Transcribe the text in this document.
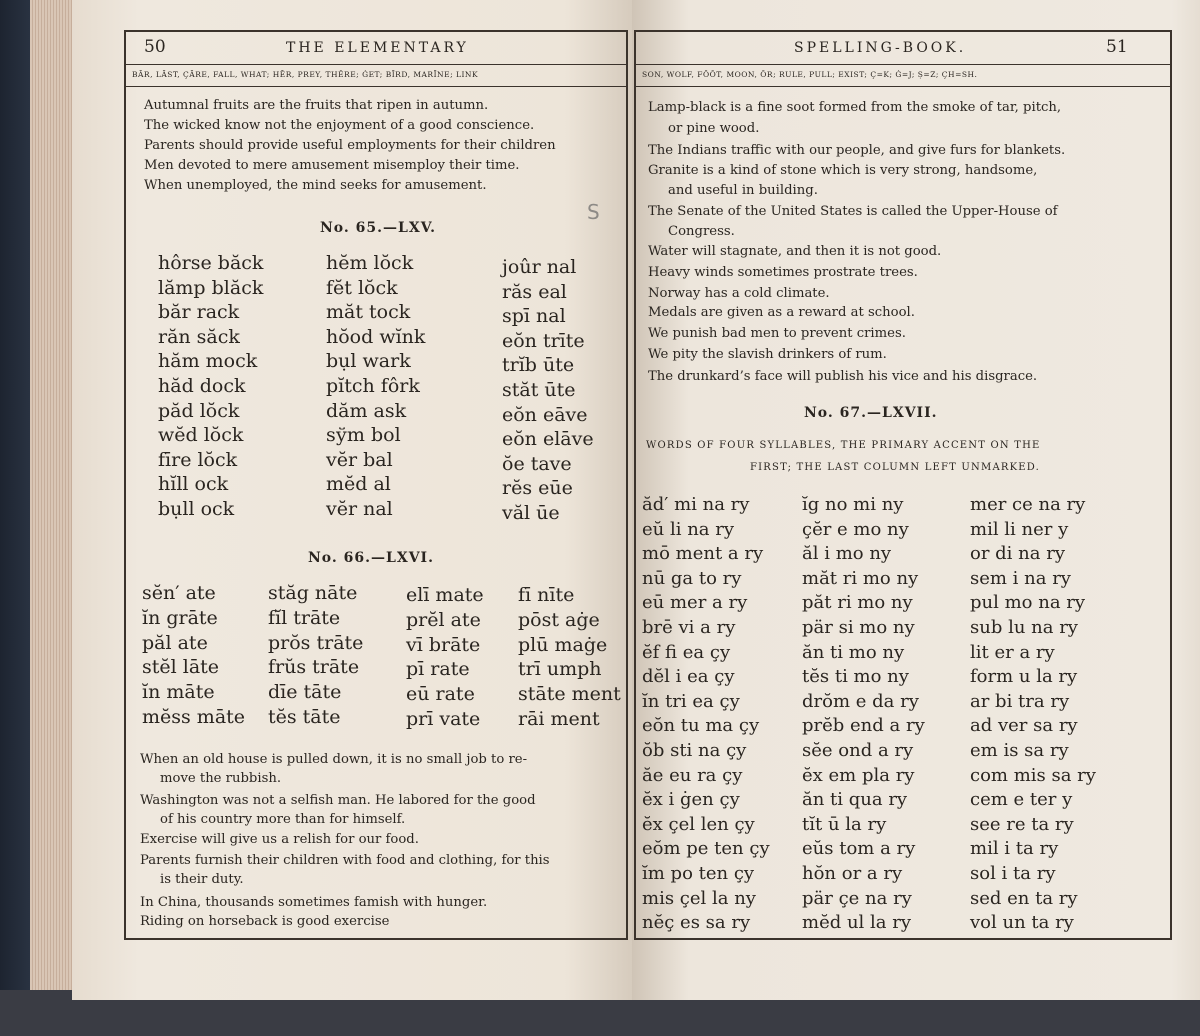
50	THE ELEMENTARY
BĀR, LĀST, ÇĀRE, FALL, WHAT; HĒR, PREY, THÊRE; ĠET; BĪRD, MARĪNE; LINK
Autumnal fruits are the fruits that ripen in autumn.
The wicked know not the enjoyment of a good conscience.
Parents should provide useful employments for their children
Men devoted to mere amusement misemploy their time.
When unemployed, the mind seeks for amusement.
S
No. 65.—LXV.
hôrse băck
lămp blăck
băr rack
răn săck
hăm mock
hăd dock
păd lŏck
wĕd lŏck
fīre lŏck
hĭll ock
bụll ock
hĕm lŏck
fĕt lŏck
măt tock
hŏod wĭnk
bụl wark
pĭtch fôrk
dăm ask
sўm bol
vĕr bal
mĕd al
vĕr nal
joûr nal
răs eal
spī nal
eŏn trīte
trĭb ūte
stăt ūte
eŏn eāve
eŏn elāve
ŏe tave
rĕs eūe
văl ūe
No. 66.—LXVI.
sĕn′ ate
ĭn grāte
păl ate
stĕl lāte
ĭn māte
mĕss māte
stăg nāte
fĭl trāte
prŏs trāte
frŭs trāte
dīe tāte
tĕs tāte
elī mate
prĕl ate
vī brāte
pī rate
eū rate
prī vate
fī nīte
pōst aġe
plū maġe
trī umph
stāte ment
rāi ment
When an old house is pulled down, it is no small job to re-
move the rubbish.
Washington was not a selfish man. He labored for the good
of his country more than for himself.
Exercise will give us a relish for our food.
Parents furnish their children with food and clothing, for this
is their duty.
In China, thousands sometimes famish with hunger.
Riding on horseback is good exercise
SPELLING-BOOK.	51
SON, WOLF, FŎŎT, MOON, ŎR; RULE, PULL; EXIST; Ç=K; Ġ=J; Ṣ=Z; ÇH=SH.
Lamp-black is a fine soot formed from the smoke of tar, pitch,
or pine wood.
The Indians traffic with our people, and give furs for blankets.
Granite is a kind of stone which is very strong, handsome,
and useful in building.
The Senate of the United States is called the Upper-House of
Congress.
Water will stagnate, and then it is not good.
Heavy winds sometimes prostrate trees.
Norway has a cold climate.
Medals are given as a reward at school.
We punish bad men to prevent crimes.
We pity the slavish drinkers of rum.
The drunkard’s face will publish his vice and his disgrace.
No. 67.—LXVII.
WORDS OF FOUR SYLLABLES, THE PRIMARY ACCENT ON THE
FIRST; THE LAST COLUMN LEFT UNMARKED.
ăd′ mi na ry
eŭ li na ry
mō ment a ry
nū ga to ry
eū mer a ry
brē vi a ry
ĕf fi ea çy
dĕl i ea çy
ĭn tri ea çy
eŏn tu ma çy
ŏb sti na çy
ăe eu ra çy
ĕx i ġen çy
ĕx çel len çy
eŏm pe ten çy
ĭm po ten çy
mis çel la ny
nĕç es sa ry
ĭg no mi ny
çĕr e mo ny
ăl i mo ny
măt ri mo ny
păt ri mo ny
pär si mo ny
ăn ti mo ny
tĕs ti mo ny
drŏm e da ry
prĕb end a ry
sĕe ond a ry
ĕx em pla ry
ăn ti qua ry
tĭt ū la ry
eŭs tom a ry
hŏn or a ry
pär çe na ry
mĕd ul la ry
mer ce na ry
mil li ner y
or di na ry
sem i na ry
pul mo na ry
sub lu na ry
lit er a ry
form u la ry
ar bi tra ry
ad ver sa ry
em is sa ry
com mis sa ry
cem e ter y
see re ta ry
mil i ta ry
sol i ta ry
sed en ta ry
vol un ta ry
